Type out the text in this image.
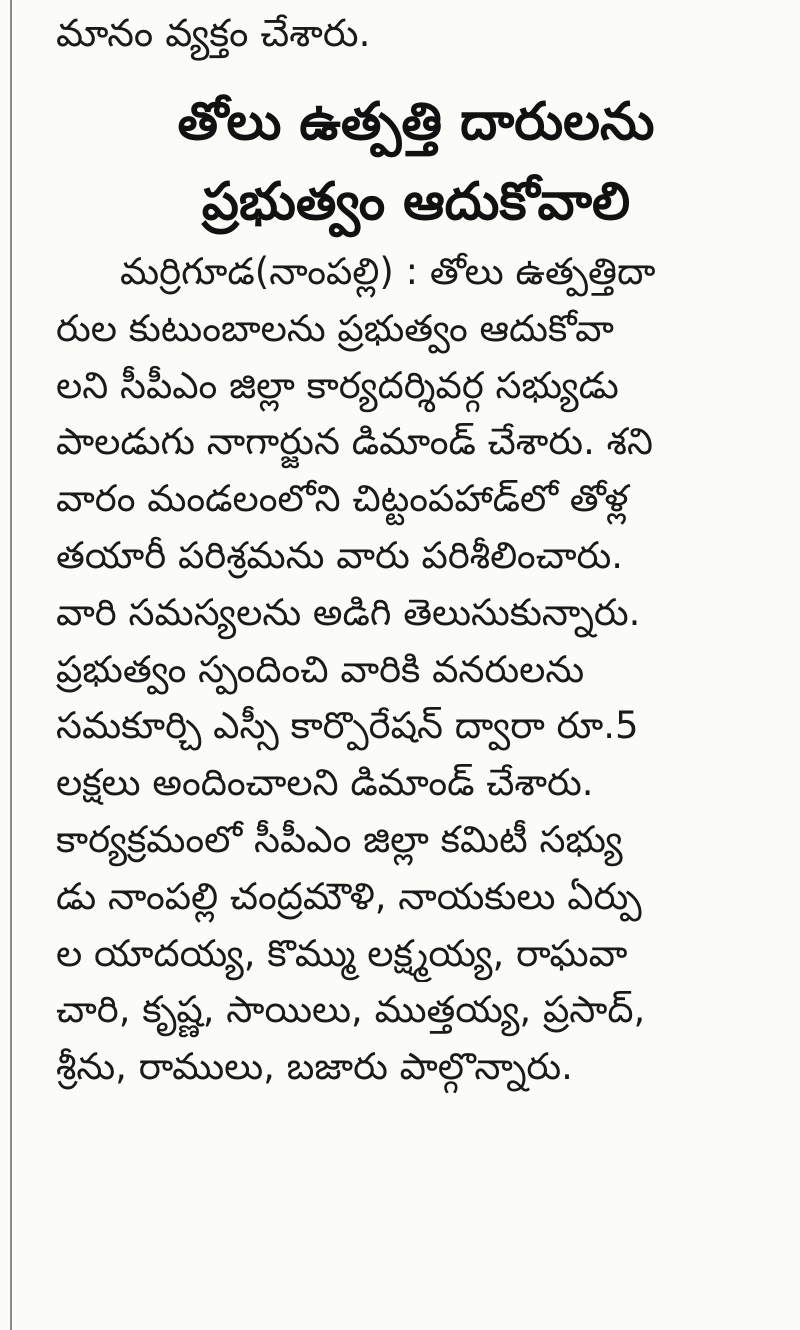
మానం వ్యక్తం చేశారు.
తోలు ఉత్పత్తి దారులను
ప్రభుత్వం ఆదుకోవాలి
మర్రిగూడ(నాంపల్లి) : తోలు ఉత్పత్తిదా
రుల కుటుంబాలను ప్రభుత్వం ఆదుకోవా
లని సీపీఎం జిల్లా కార్యదర్శివర్గ సభ్యుడు
పాలడుగు నాగార్జున డిమాండ్ చేశారు. శని
వారం మండలంలోని చిట్టంపహాడ్‌లో తోళ్ల
తయారీ పరిశ్రమను వారు పరిశీలించారు.
వారి సమస్యలను అడిగి తెలుసుకున్నారు.
ప్రభుత్వం స్పందించి వారికి వనరులను
సమకూర్చి ఎస్సీ కార్పొరేషన్ ద్వారా రూ.5
లక్షలు అందించాలని డిమాండ్ చేశారు.
కార్యక్రమంలో సీపీఎం జిల్లా కమిటీ సభ్యు
డు నాంపల్లి చంద్రమౌళి, నాయకులు ఏర్పు
ల యాదయ్య, కొమ్ము లక్ష్మయ్య, రాఘవా
చారి, కృష్ణ, సాయిలు, ముత్తయ్య, ప్రసాద్,
శ్రీను, రాములు, బజారు పాల్గొన్నారు.
